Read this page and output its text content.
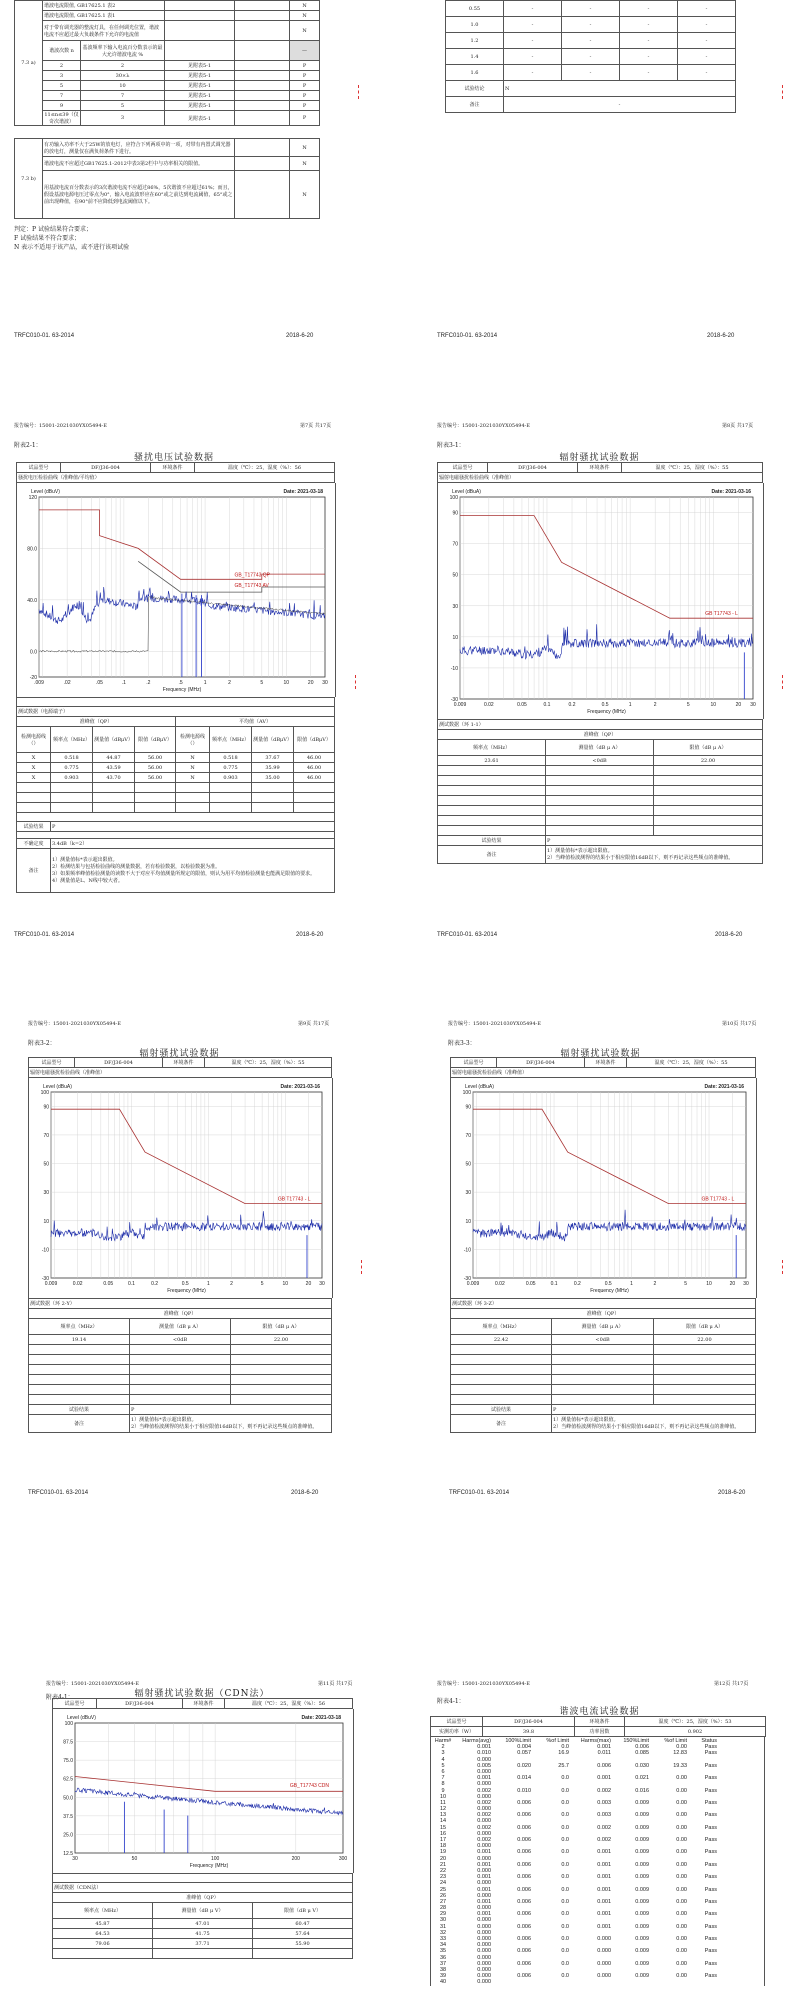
7.3 a)	谐波电流限值, GB17625.1 表2				N
	谐波电流限值, GB17625.1 表1				N
	对于带有调光器的整流灯具，在任何调光位置，谐波电流不应超过最大负载条件下允许的电流值				N
	谐波次数 n	基波频率下输入电流百分数表示的最大允许谐波电流 %			—
	2	2	见附表5-1		P
	3	30×λ	见附表5-1		P
	5	10	见附表5-1		P
	7	7	见附表5-1		P
	9	5	见附表5-1		P
	11≤n≤39（仅奇次谐波）	3	见附表5-1		P
7.3 b)	有功输入功率不大于25W的放电灯，应符合下列两项中的一项，对带有内置式调光器的放电灯，测量仅在满负荷条件下进行。		N
	谐波电流不应超过GB17625.1-2012中表3第2栏中与功率相关的限值。		N
	用基波电流百分数表示的3次谐波电流不应超过86%，5次谐波不应超过61%；而且，假设基波电源电压过零点为0°，输入电流波形应在60°或之前达到电流阈值，65°或之前出现峰值，在90°前不应降低到电流阈值以下。		N
判定：P 试验结果符合要求；
F 试验结果不符合要求；
N 表示不适用于该产品，或不进行该项试验
0.55	-	-	-	-
1.0	-	-	-	-
1.2	-	-	-	-
1.4	-	-	-	-
1.6	-	-	-	-
试验结论	N			
备注	-			
TRFC010-01. 63-2014	2018-6-20	TRFC010-01. 63-2014	2018-6-20
报告编号：15001-2021030YX05494-E	第7页 共17页
附表2-1：
骚扰电压试验数据
试品型号	DF/J36-004	环境条件	温度（℃）：25，湿度（%）：56
骚扰电压检验曲线（准峰值/平均值）
120
80.0
40.0
0.0
-20
.009	.02	.05	.1	.2	.5	1	2	5	10	20 30
Frequency (MHz)
Level (dBuV)	Date: 2021-03-18
GB_T17743 QP
GB_T17743 AV

测试数据（电源端子）							
准峰值（QP）				平均值（AV）			
检测电源线（）	频率点（MHz）	测量值（dBμV）	限值（dBμV）	检测电源线（）	频率点（MHz）	测量值（dBμV）	限值（dBμV）
X	0.518	44.87	56.00	N	0.518	37.67	46.00
X	0.775	43.59	56.00	N	0.775	35.99	46.00
X	0.903	43.70	56.00	N	0.903	35.00	46.00

试验结果	P						

不确定度	3.4dB（k=2）						
备注	1）测量值标*表示超出限值。
2）检测结果与包括检验曲线的测量数据，若有检验数据，以检验数据为准。
3）如果频率峰值检验测量的读数不大于对应平均值测量所规定的限值，则认为用平均值检验测量也能满足限值的要求。
4）测量值是L、N线中较大者。						
报告编号：15001-2021030YX05494-E	第8页 共17页
附表3-1：
辐射骚扰试验数据
试品型号	DF/J36-004	环境条件	温度（℃）：25，湿度（%）：55
辐射电磁骚扰检验曲线（准峰值）
100
90
70
50
30
10
-10
-30
0.009	0.02	0.05	0.1	0.2	0.5	1	2	5	10	20 30
Frequency (MHz)
Level (dBuA)	Date: 2021-03-16
GB T17743 - L
测试数据（环 1-1）		
准峰值（QP）		
频率点（MHz）	测量值（dB μ A）	限值（dB μ A）
23.61	<0dB	22.00

试验结果	P	
备注	1）测量值标*表示超出限值。
2）当峰值检波测得的结果小于相应限值16dB以下，则不再记录这些频点的准峰值。	
TRFC010-01. 63-2014	2018-6-20	TRFC010-01. 63-2014	2018-6-20
报告编号：15001-2021030YX05494-E	第9页 共17页
附表3-2：
辐射骚扰试验数据
试品型号	DF/J36-004	环境条件	温度（℃）：25，湿度（%）：55
辐射电磁骚扰检验曲线（准峰值）
100
90
70
50
30
10
-10
-30
0.009	0.02	0.05	0.1	0.2	0.5	1	2	5	10	20 30
Frequency (MHz)
Level (dBuA)	Date: 2021-03-16
GB T17743 - L
测试数据（环 2-Y）		
准峰值（QP）		
频率点（MHz）	测量值（dB μ A）	限值（dB μ A）
19.14	<0dB	22.00

试验结果	P	
备注	1）测量值标*表示超出限值。
2）当峰值检波测得的结果小于相应限值16dB以下，则不再记录这些频点的准峰值。	
报告编号：15001-2021030YX05494-E	第10页 共17页
附表3-3：
辐射骚扰试验数据
试品型号	DF/J36-004	环境条件	温度（℃）：25，湿度（%）：55
辐射电磁骚扰检验曲线（准峰值）
100
90
70
50
30
10
-10
-30
0.009	0.02	0.05	0.1	0.2	0.5	1	2	5	10	20 30
Frequency (MHz)
Level (dBuA)	Date: 2021-03-16
GB T17743 - L
测试数据（环 3-Z）		
准峰值（QP）		
频率点（MHz）	测量值（dB μ A）	限值（dB μ A）
22.42	<0dB	22.00

试验结果	P	
备注	1）测量值标*表示超出限值。
2）当峰值检波测得的结果小于相应限值16dB以下，则不再记录这些频点的准峰值。	
TRFC010-01. 63-2014	2018-6-20	TRFC010-01. 63-2014	2018-6-20
报告编号：15001-2021030YX05494-E	第11页 共17页
附表4-1：	辐射骚扰试验数据（CDN法）
试品型号	DF/J36-004	环境条件	温度（℃）：25，湿度（%）：56
100
87.5
75.0
62.5
50.0
37.5
25.0
12.5
30	50	100	200	300
Frequency (MHz)
Level (dBuV)	Date: 2021-03-18
GB_T17743 CDN

测试数据（CDN法）		
准峰值（QP）		
频率点（MHz）	测量值（dB μ V）	限值（dB μ V）
45.87	47.01	60.47
64.53	41.75	57.64
79.06	37.71	55.90

报告编号：15001-2021030YX05494-E	第12页 共17页
附表4-1：
谐波电流试验数据
试品型号	DF/J36-004	环境条件	温度（℃）：25，湿度（%）：53
实测功率（W）	39.8	功率因数	0.902
Harm#	Harms(avg)	100%Limit	%of Limit	Harms(max)	150%Limit	%of Limit	Status
2	0.001	0.004	0.0	0.001	0.006	0.00	Pass
3	0.010	0.057	16.9	0.011	0.085	12.83	Pass
4	0.000
5	0.005	0.020	25.7	0.006	0.030	19.33	Pass
6	0.000
7	0.001	0.014	0.0	0.001	0.021	0.00	Pass
8	0.000
9	0.002	0.010	0.0	0.002	0.016	0.00	Pass
10	0.000
11	0.002	0.006	0.0	0.003	0.009	0.00	Pass
12	0.000
13	0.002	0.006	0.0	0.003	0.009	0.00	Pass
14	0.000
15	0.002	0.006	0.0	0.002	0.009	0.00	Pass
16	0.000
17	0.002	0.006	0.0	0.002	0.009	0.00	Pass
18	0.000
19	0.001	0.006	0.0	0.001	0.009	0.00	Pass
20	0.000
21	0.001	0.006	0.0	0.001	0.009	0.00	Pass
22	0.000
23	0.001	0.006	0.0	0.001	0.009	0.00	Pass
24	0.000
25	0.001	0.006	0.0	0.001	0.009	0.00	Pass
26	0.000
27	0.001	0.006	0.0	0.001	0.009	0.00	Pass
28	0.000
29	0.001	0.006	0.0	0.001	0.009	0.00	Pass
30	0.000
31	0.000	0.006	0.0	0.001	0.009	0.00	Pass
32	0.000
33	0.000	0.006	0.0	0.000	0.009	0.00	Pass
34	0.000
35	0.000	0.006	0.0	0.000	0.009	0.00	Pass
36	0.000
37	0.000	0.006	0.0	0.000	0.009	0.00	Pass
38	0.000
39	0.000	0.006	0.0	0.000	0.009	0.00	Pass
40	0.000
